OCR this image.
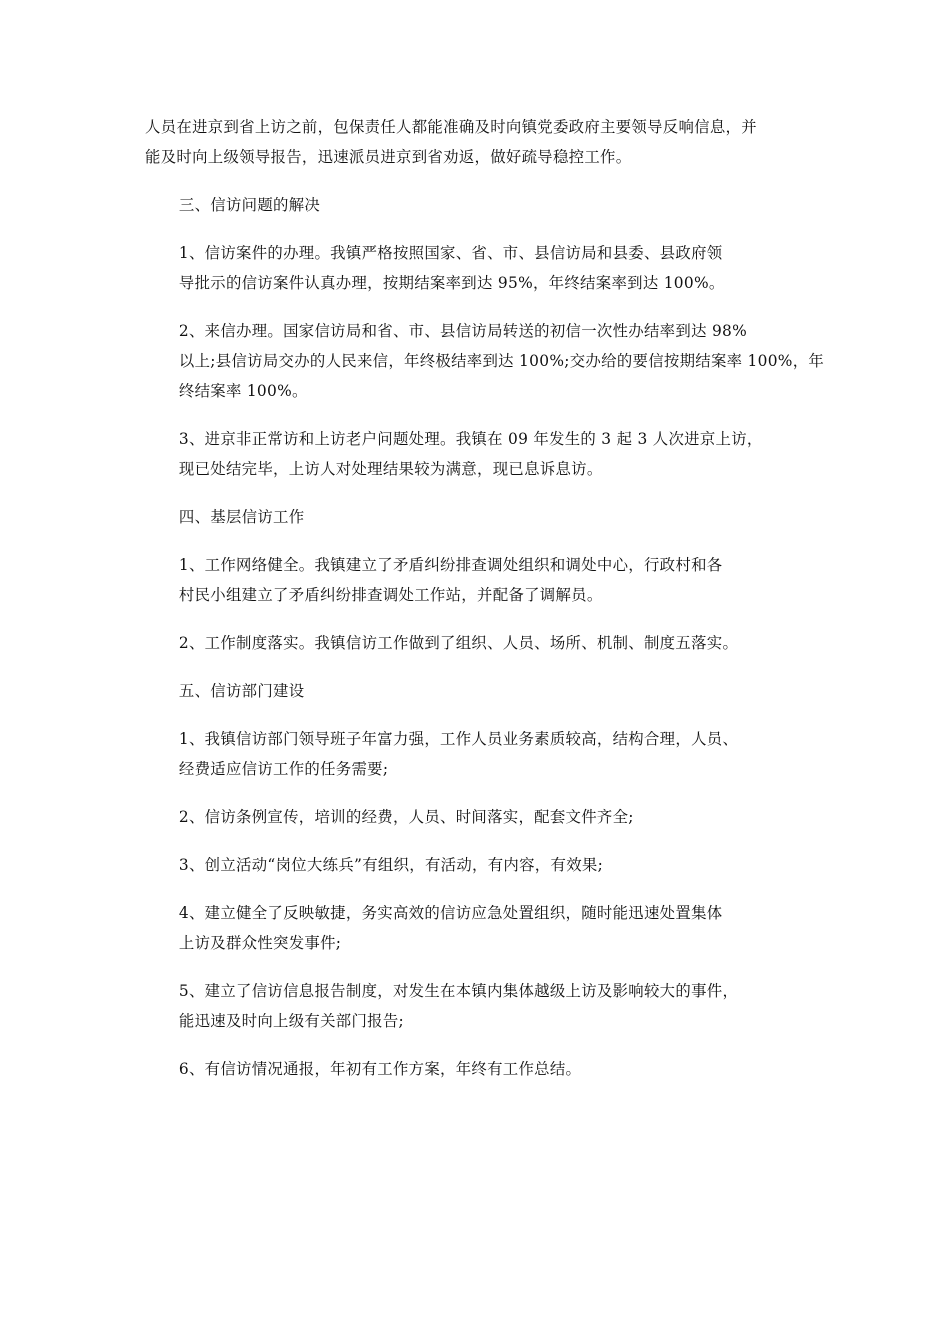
人员在进京到省上访之前，包保责任人都能准确及时向镇党委政府主要领导反响信息，并
能及时向上级领导报告，迅速派员进京到省劝返，做好疏导稳控工作。

三、信访问题的解决

1、信访案件的办理。我镇严格按照国家、省、市、县信访局和县委、县政府领
导批示的信访案件认真办理，按期结案率到达 95%，年终结案率到达 100%。

2、来信办理。国家信访局和省、市、县信访局转送的初信一次性办结率到达 98%
以上;县信访局交办的人民来信，年终极结率到达 100%;交办给的要信按期结案率 100%，年
终结案率 100%。

3、进京非正常访和上访老户问题处理。我镇在 09 年发生的 3 起 3 人次进京上访，
现已处结完毕，上访人对处理结果较为满意，现已息诉息访。

四、基层信访工作

1、工作网络健全。我镇建立了矛盾纠纷排查调处组织和调处中心，行政村和各
村民小组建立了矛盾纠纷排查调处工作站，并配备了调解员。

2、工作制度落实。我镇信访工作做到了组织、人员、场所、机制、制度五落实。

五、信访部门建设

1、我镇信访部门领导班子年富力强，工作人员业务素质较高，结构合理，人员、
经费适应信访工作的任务需要;

2、信访条例宣传，培训的经费，人员、时间落实，配套文件齐全;

3、创立活动“岗位大练兵”有组织，有活动，有内容，有效果;

4、建立健全了反映敏捷，务实高效的信访应急处置组织，随时能迅速处置集体
上访及群众性突发事件;

5、建立了信访信息报告制度，对发生在本镇内集体越级上访及影响较大的事件，
能迅速及时向上级有关部门报告;

6、有信访情况通报，年初有工作方案，年终有工作总结。
